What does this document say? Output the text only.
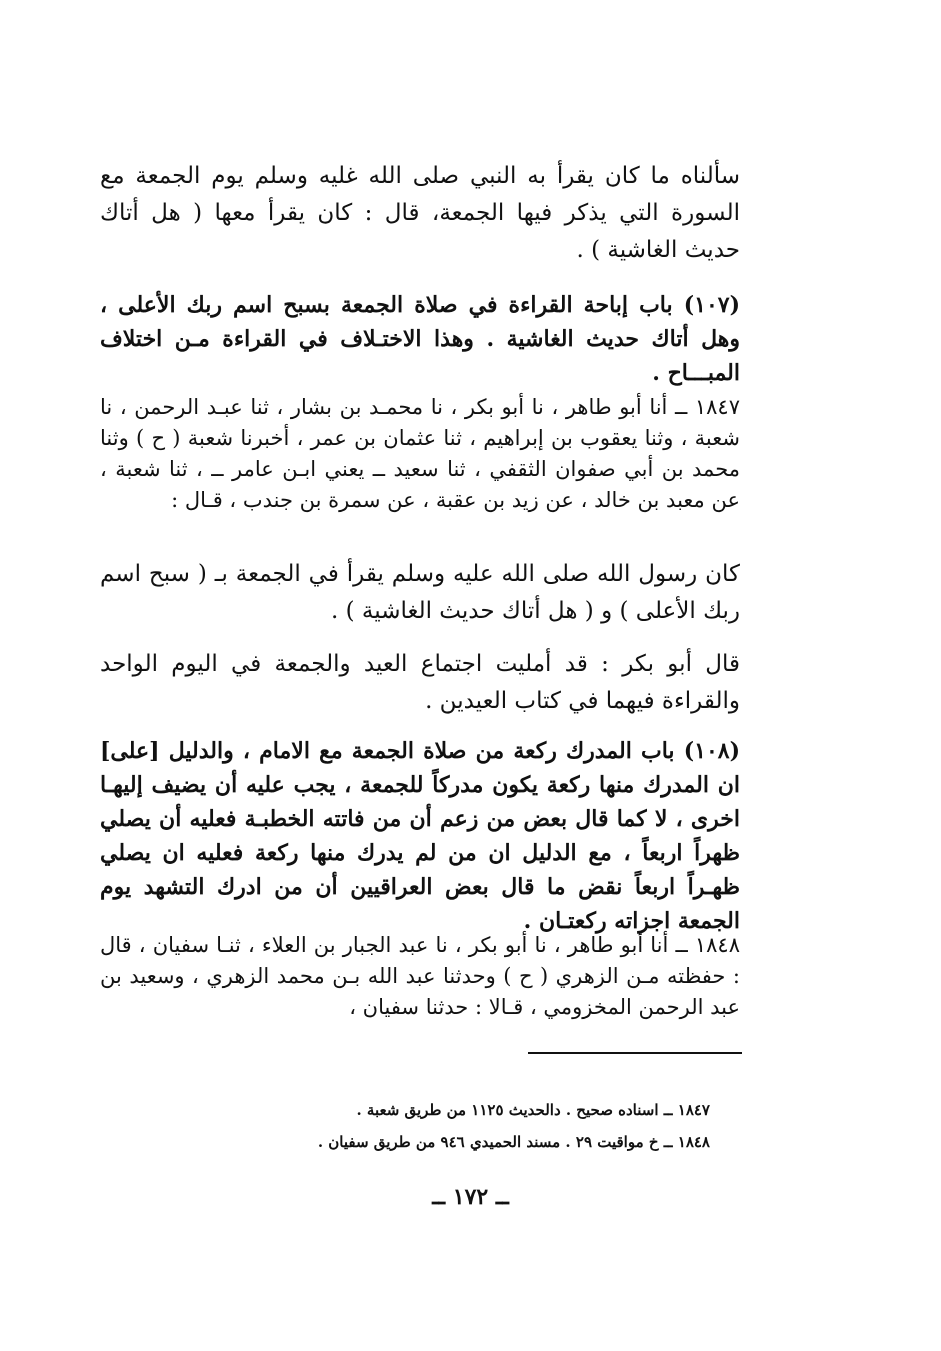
سألناه ما كان يقرأ به النبي صلى الله غليه وسلم يوم الجمعة مع السورة التي يذكر فيها الجمعة، قال : كان يقرأ معها ( هل أتاك حديث الغاشية ) .

(١٠٧) باب إباحة القراءة في صلاة الجمعة بسبح اسم ربك الأعلى ، وهل أتاك حديث الغاشية . وهذا الاختـلاف في القراءة مـن اختلاف المبـــاح .

١٨٤٧ ــ أنا أبو طاهر ، نا أبو بكر ، نا محمـد بن بشار ، ثنا عبـد الرحمن ، نا شعبة ، وثنا يعقوب بن إبراهيم ، ثنا عثمان بن عمر ، أخبرنا شعبة ( ح ) وثنا محمد بن أبي صفوان الثقفي ، ثنا سعيد ــ يعني ابـن عامر ــ ، ثنا شعبة ، عن معبد بن خالد ، عن زيد بن عقبة ، عن سمرة بن جندب ، قـال :

كان رسول الله صلى الله عليه وسلم يقرأ في الجمعة بـ ( سبح اسم ربك الأعلى ) و ( هل أتاك حديث الغاشية ) .

قال أبو بكر : قد أمليت اجتماع العيد والجمعة في اليوم الواحد والقراءة فيهما في كتاب العيدين .

(١٠٨) باب المدرك ركعة من صلاة الجمعة مع الامام ، والدليل [على] ان المدرك منها ركعة يكون مدركاً للجمعة ، يجب عليه أن يضيف إليهـا اخرى ، لا كما قال بعض من زعم أن من فاتته الخطبـة فعليه أن يصلي ظهراً اربعاً ، مع الدليل ان من لم يدرك منها ركعة فعليه ان يصلي ظهـراً اربعاً نقض ما قال بعض العراقيين أن من ادرك التشهد يوم الجمعة اجزاته ركعتـان .

١٨٤٨ ــ أنا أبو طاهر ، نا أبو بكر ، نا عبد الجبار بن العلاء ، ثنـا سفيان ، قال : حفظته مـن الزهري ( ح ) وحدثنا عبد الله بـن محمد الزهري ، وسعيد بن عبد الرحمن المخزومي ، قـالا : حدثنا سفيان ،

١٨٤٧ ــ اسناده صحيح . دالحديث ١١٢٥ من طريق شعبة .

١٨٤٨ ــ خ مواقيت ٢٩ . مسند الحميدي ٩٤٦ من طريق سفيان .

ــ ١٧٢ ــ
